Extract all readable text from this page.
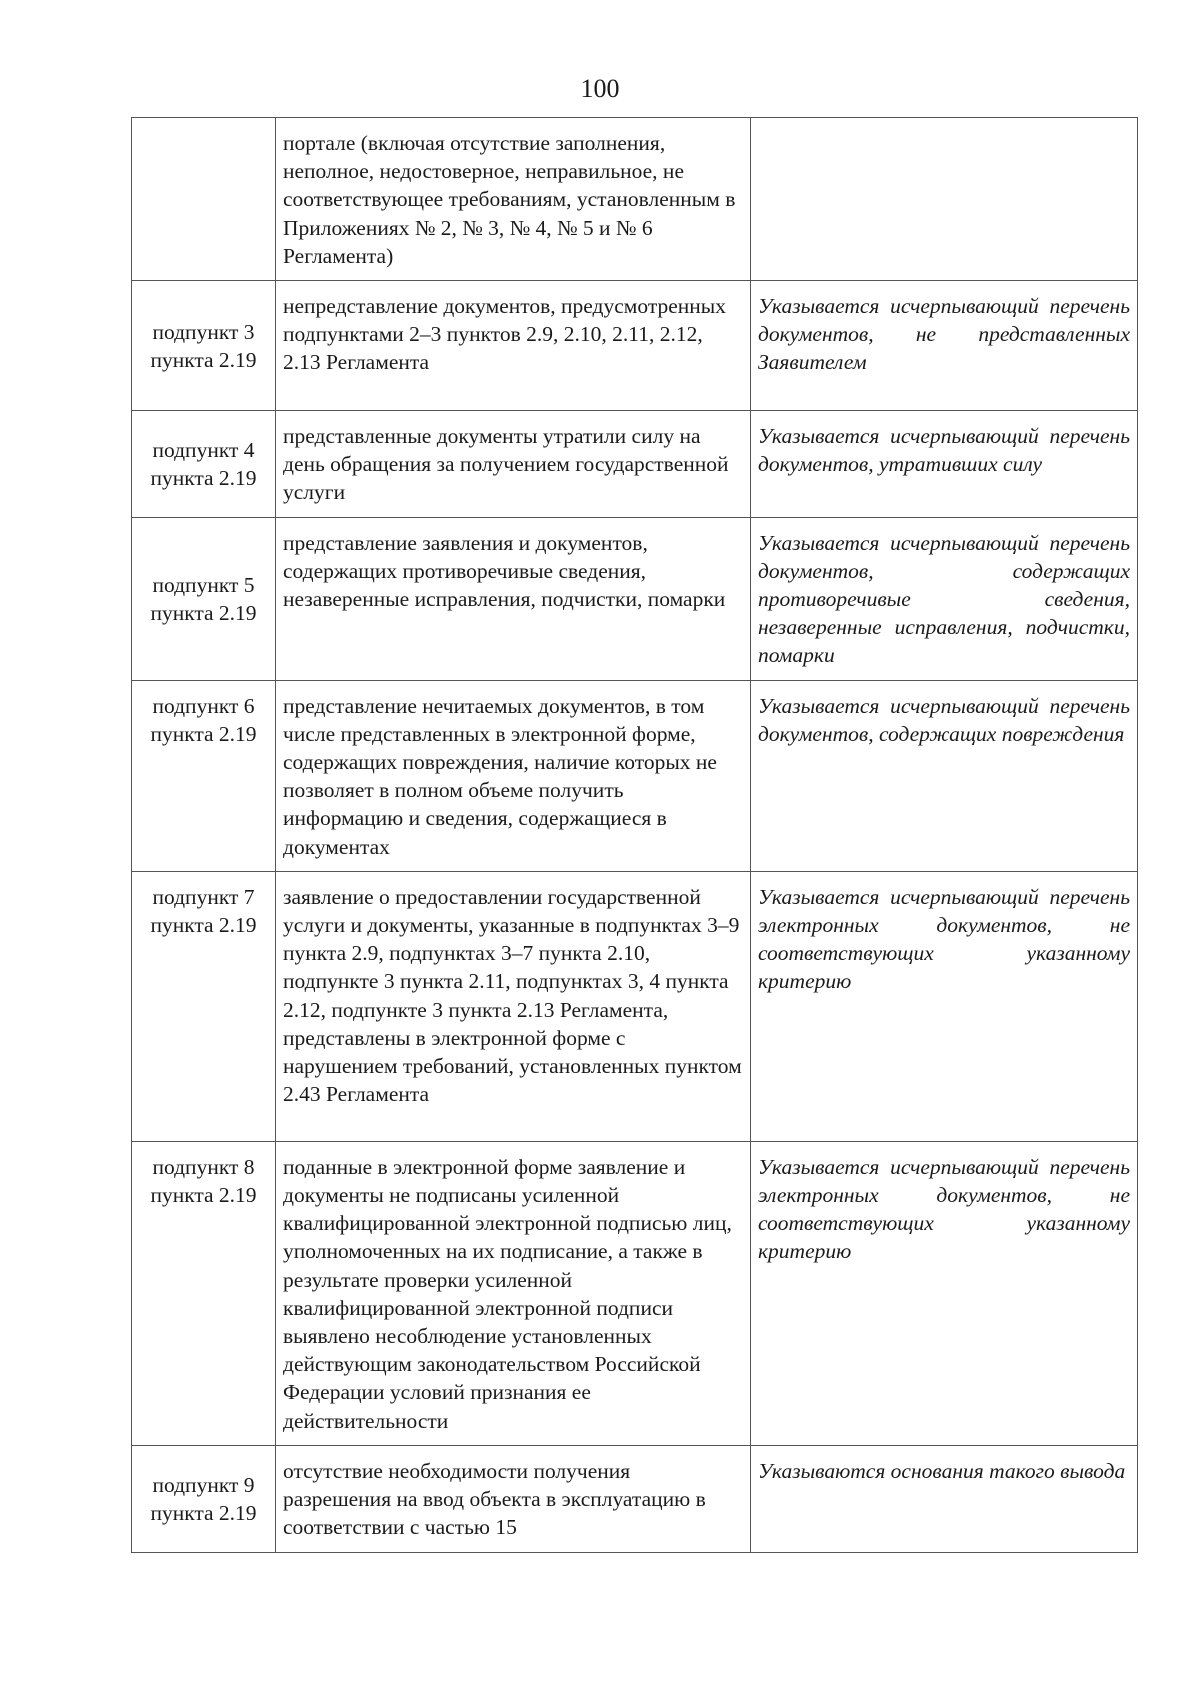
100
	портале (включая отсутствие заполнения, неполное, недостоверное, неправильное, не соответствующее требованиям, установленным в Приложениях № 2, № 3, № 4, № 5 и № 6 Регламента)	

подпункт 3
пункта 2.19	непредставление документов, предусмотренных подпунктами 2–3 пунктов 2.9, 2.10, 2.11, 2.12, 2.13 Регламента	Указывается исчерпывающий перечень документов, не представленных Заявителем

подпункт 4
пункта 2.19	представленные документы утратили силу на день обращения за получением государственной услуги	Указывается исчерпывающий перечень документов, утративших силу

подпункт 5
пункта 2.19	представление заявления и документов, содержащих противоречивые сведения, незаверенные исправления, подчистки, помарки	Указывается исчерпывающий перечень документов, содержащих противоречивые сведения, незаверенные исправления, подчистки, помарки

подпункт 6
пункта 2.19	представление нечитаемых документов, в том числе представленных в электронной форме, содержащих повреждения, наличие которых не позволяет в полном объеме получить информацию и сведения, содержащиеся в документах	Указывается исчерпывающий перечень документов, содержащих повреждения

подпункт 7
пункта 2.19	заявление о предоставлении государственной услуги и документы, указанные в подпунктах 3–9 пункта 2.9, подпунктах 3–7 пункта 2.10, подпункте 3 пункта 2.11, подпунктах 3, 4 пункта 2.12, подпункте 3 пункта 2.13 Регламента, представлены в электронной форме с нарушением требований, установленных пунктом 2.43 Регламента	Указывается исчерпывающий перечень электронных документов, не соответствующих указанному критерию

подпункт 8
пункта 2.19	поданные в электронной форме заявление и документы не подписаны усиленной квалифицированной электронной подписью лиц, уполномоченных на их подписание, а также в результате проверки усиленной квалифицированной электронной подписи выявлено несоблюдение установленных действующим законодательством Российской Федерации условий признания ее действительности	Указывается исчерпывающий перечень электронных документов, не соответствующих указанному критерию

подпункт 9
пункта 2.19	отсутствие необходимости получения разрешения на ввод объекта в эксплуатацию в соответствии с частью 15	Указываются основания такого вывода
